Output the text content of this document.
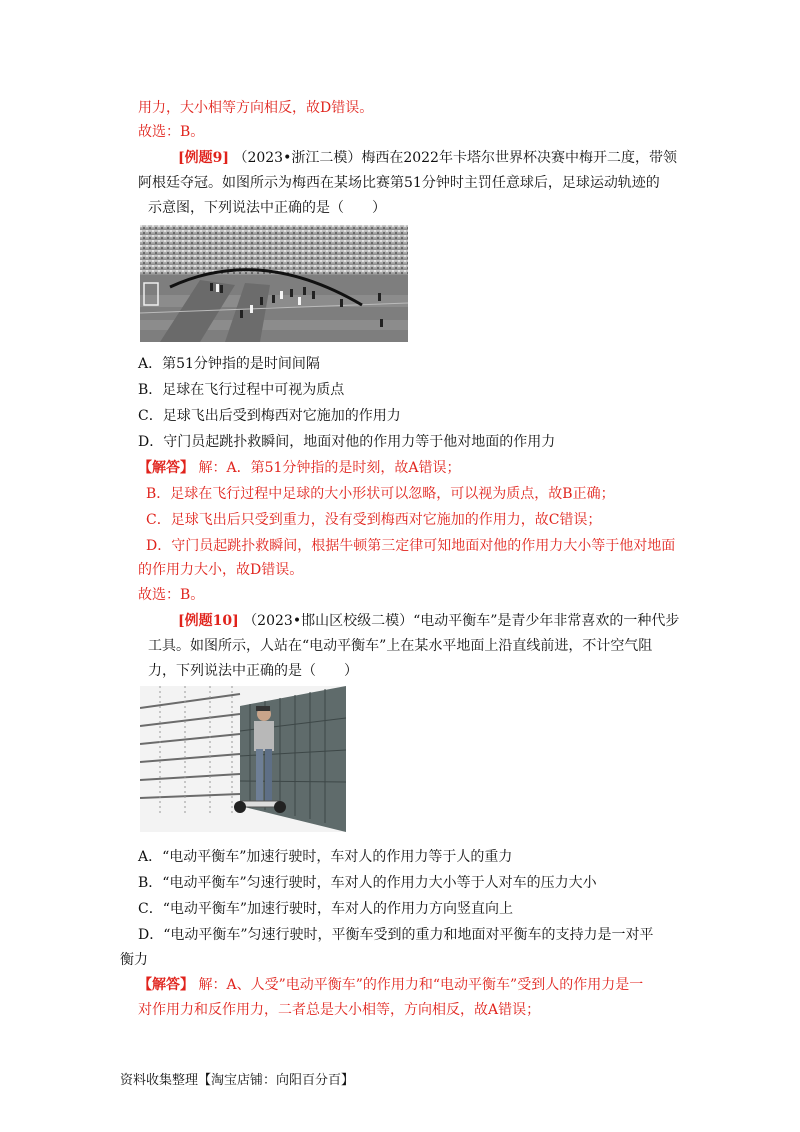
用力，大小相等方向相反，故D错误。
故选：B。
[例题9] （2023•浙江二模）梅西在2022年卡塔尔世界杯决赛中梅开二度，带领
阿根廷夺冠。如图所示为梅西在某场比赛第51分钟时主罚任意球后，足球运动轨迹的
示意图，下列说法中正确的是（　　）
A．第51分钟指的是时间间隔
B．足球在飞行过程中可视为质点
C．足球飞出后受到梅西对它施加的作用力
D．守门员起跳扑救瞬间，地面对他的作用力等于他对地面的作用力
【解答】 解：A．第51分钟指的是时刻，故A错误；
B．足球在飞行过程中足球的大小形状可以忽略，可以视为质点，故B正确；
C．足球飞出后只受到重力，没有受到梅西对它施加的作用力，故C错误；
D．守门员起跳扑救瞬间，根据牛顿第三定律可知地面对他的作用力大小等于他对地面
的作用力大小，故D错误。
故选：B。
[例题10] （2023•邯山区校级二模）“电动平衡车”是青少年非常喜欢的一种代步
工具。如图所示，人站在“电动平衡车”上在某水平地面上沿直线前进，不计空气阻
力，下列说法中正确的是（　　）
A．“电动平衡车”加速行驶时，车对人的作用力等于人的重力
B．“电动平衡车”匀速行驶时，车对人的作用力大小等于人对车的压力大小
C．“电动平衡车”加速行驶时，车对人的作用力方向竖直向上
D．“电动平衡车”匀速行驶时，平衡车受到的重力和地面对平衡车的支持力是一对平
衡力
【解答】 解：A、人受”电动平衡车”的作用力和“电动平衡车”受到人的作用力是一
对作用力和反作用力，二者总是大小相等，方向相反，故A错误；
资料收集整理【淘宝店铺：向阳百分百】
